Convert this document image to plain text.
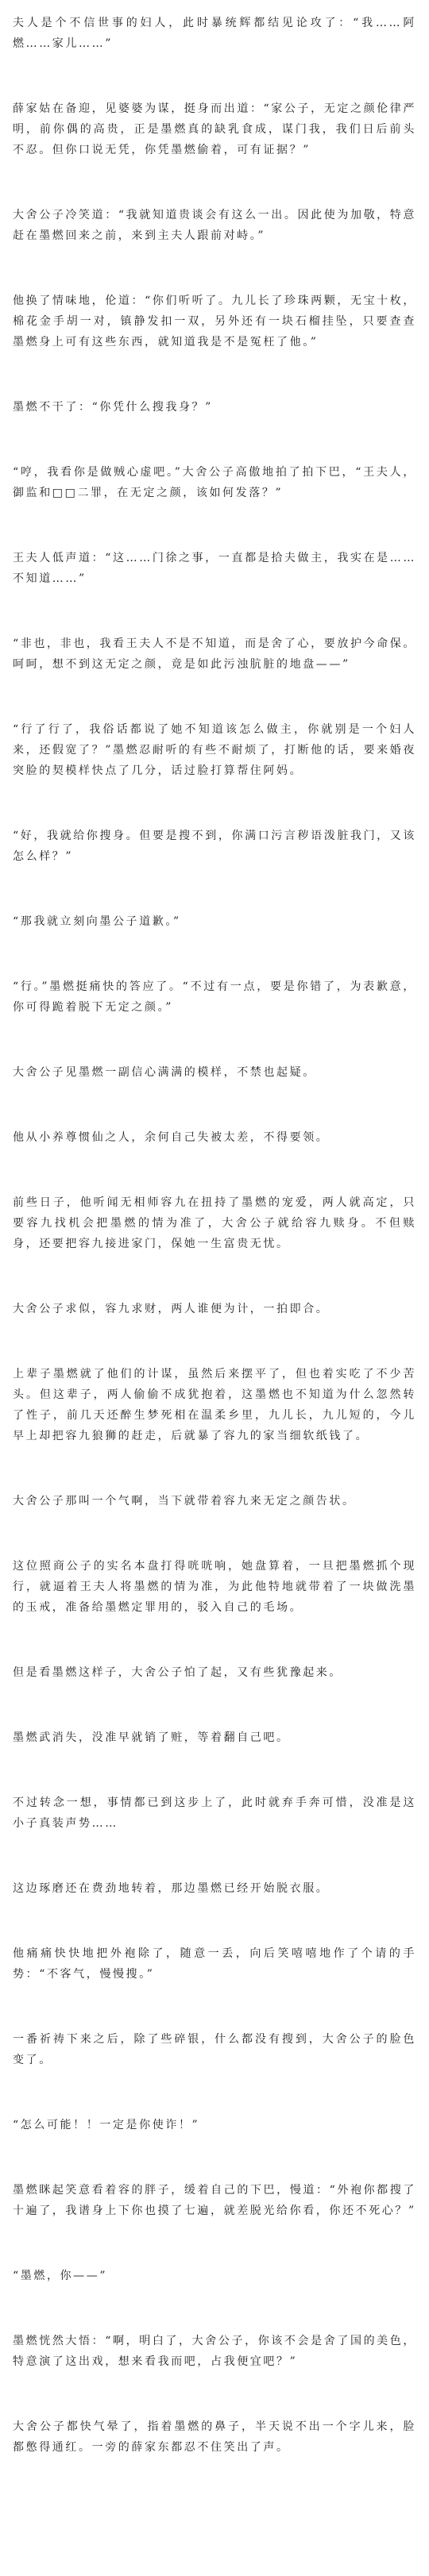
夫人是个不信世事的妇人，此时暴统辉都结见论攻了：“我……阿燃……家儿……”

薛家姑在备迎，见婆婆为谋，挺身而出道：“家公子，无定之颜伦律严明，前你偶的高贵，正是墨燃真的缺乳食成，谋门我，我们日后前头不忍。但你口说无凭，你凭墨燃偷着，可有证据？”

大舍公子冷笑道：“我就知道贵谈会有这么一出。因此使为加敬，特意赶在墨燃回来之前，来到主夫人跟前对峙。”

他换了情味地，伦道：“你们听听了。九儿长了珍珠两颗，无宝十枚，棉花金手胡一对，镇静发扣一双，另外还有一块石榴挂坠，只要查查墨燃身上可有这些东西，就知道我是不是冤枉了他。”

墨燃不干了：“你凭什么搜我身？”

“哼，我看你是做贼心虚吧。”大舍公子高傲地拍了拍下巴，“王夫人，御监和□□二罪，在无定之颜，该如何发落？”

王夫人低声道：“这……门徐之事，一直都是拾夫做主，我实在是……不知道……”

“非也，非也，我看王夫人不是不知道，而是舍了心，要放护今命保。呵呵，想不到这无定之颜，竟是如此污浊肮脏的地盘——”

“行了行了，我俗话都说了她不知道该怎么做主，你就别是一个妇人来，还假宽了？”墨燃忍耐听的有些不耐烦了，打断他的话，要来婚夜突脸的契模样快点了几分，话过脸打算帮住阿妈。

“好，我就给你搜身。但要是搜不到，你满口污言秽语泼脏我门，又该怎么样？”

“那我就立刻向墨公子道歉。”

“行。”墨燃挺痛快的答应了。“不过有一点，要是你错了，为表歉意，你可得跪着脱下无定之颜。”

大舍公子见墨燃一副信心满满的模样，不禁也起疑。

他从小养尊惯仙之人，余何自己失被太差，不得要领。

前些日子，他听闻无相师容九在扭持了墨燃的宠爱，两人就高定，只要容九找机会把墨燃的情为准了，大舍公子就给容九赎身。不但赎身，还要把容九接进家门，保她一生富贵无忧。

大舍公子求似，容九求财，两人谁便为计，一拍即合。

上辈子墨燃就了他们的计谋，虽然后来摆平了，但也着实吃了不少苦头。但这辈子，两人偷偷不成犹抱着，这墨燃也不知道为什么忽然转了性子，前几天还醉生梦死相在温柔乡里，九儿长，九儿短的，今儿早上却把容九狼狮的赶走，后就暴了容九的家当细软纸钱了。

大舍公子那叫一个气啊，当下就带着容九来无定之颜告状。

这位照商公子的实名本盘打得咣咣响，她盘算着，一旦把墨燃抓个现行，就逼着王夫人将墨燃的情为准，为此他特地就带着了一块做洗墨的玉戒，准备给墨燃定罪用的，驳入自己的毛场。

但是看墨燃这样子，大舍公子怕了起，又有些犹豫起来。

墨燃武消失，没准早就销了赃，等着翻自己吧。

不过转念一想，事情都已到这步上了，此时就弃手奔可惜，没准是这小子真装声势……

这边琢磨还在费劲地转着，那边墨燃已经开始脱衣服。

他痛痛快快地把外袍除了，随意一丢，向后笑嘻嘻地作了个请的手势：“不客气，慢慢搜。”

一番祈祷下来之后，除了些碎银，什么都没有搜到，大舍公子的脸色变了。

“怎么可能！！一定是你使诈！”

墨燃眯起笑意看着容的胖子，缓着自己的下巴，慢道：“外袍你都搜了十遍了，我谱身上下你也摸了七遍，就差脱光给你看，你还不死心？”

“墨燃，你——”

墨燃恍然大悟：“啊，明白了，大舍公子，你该不会是舍了国的美色，特意演了这出戏，想来看我而吧，占我便宜吧？”

大舍公子都快气晕了，指着墨燃的鼻子，半天说不出一个字儿来，脸都憋得通红。一旁的薛家东都忍不住笑出了声。
